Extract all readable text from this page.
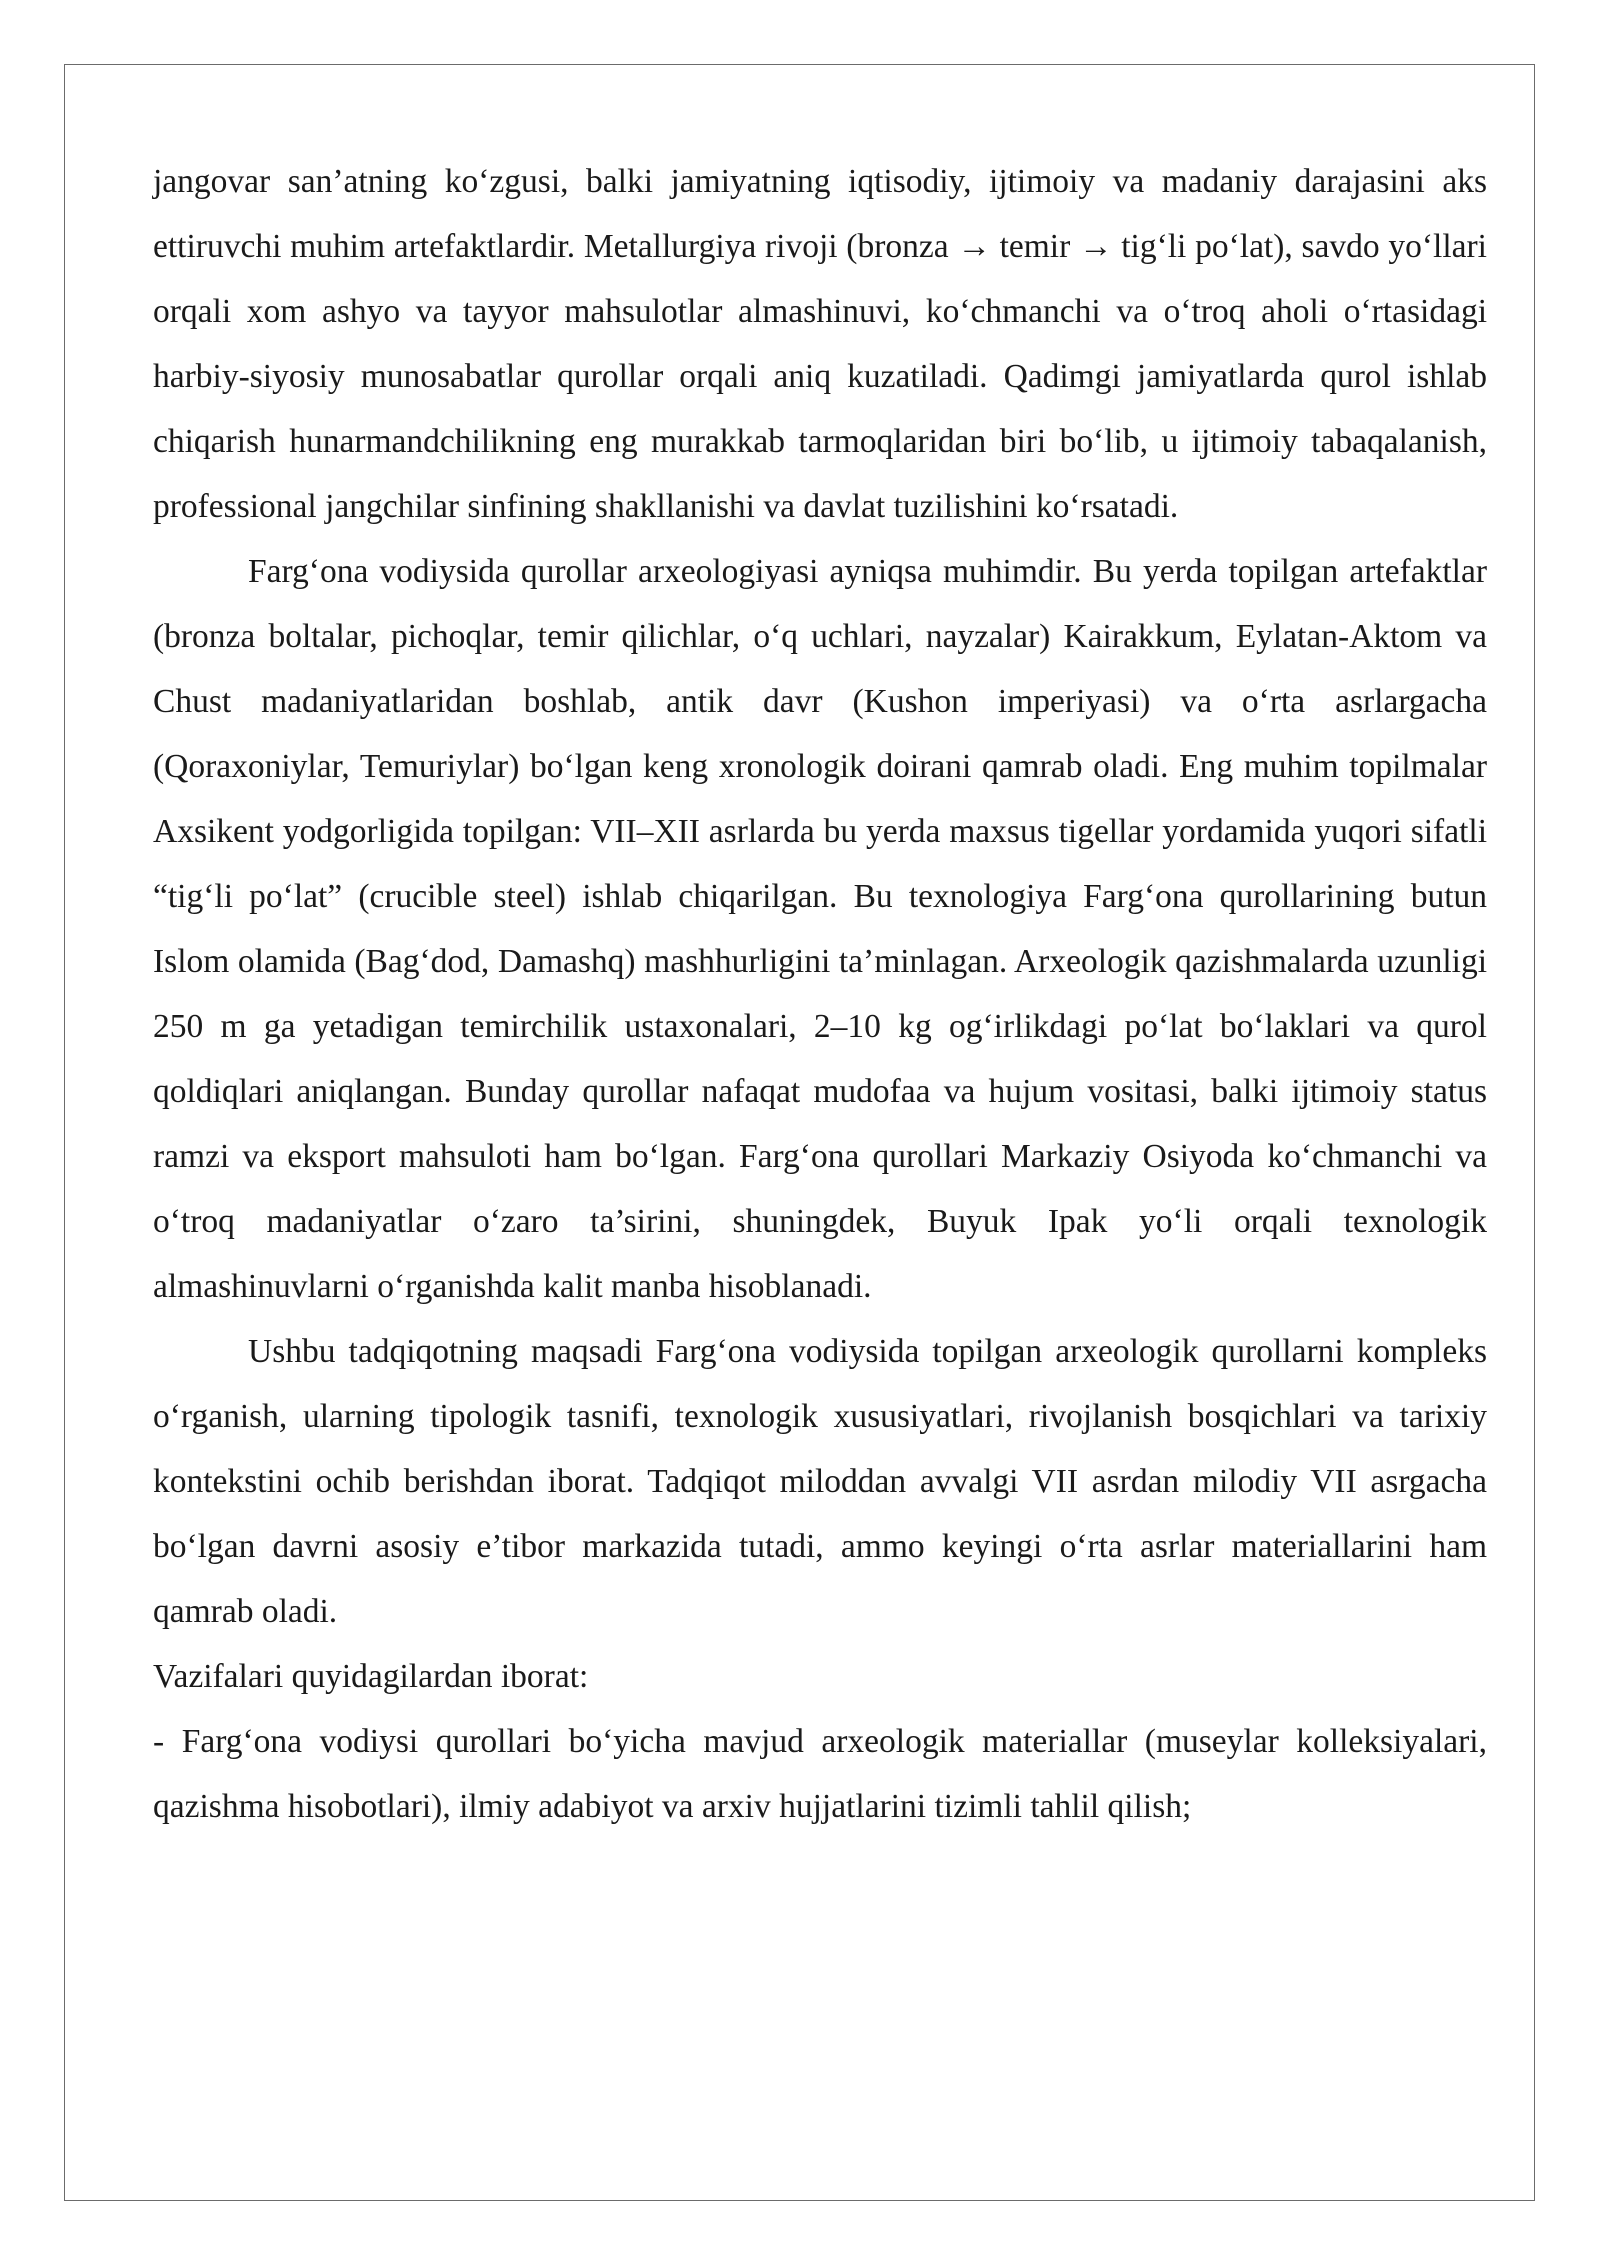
jangovar san’atning ko‘zgusi, balki jamiyatning iqtisodiy, ijtimoiy va madaniy darajasini aks ettiruvchi muhim artefaktlardir. Metallurgiya rivoji (bronza → temir → tig‘li po‘lat), savdo yo‘llari orqali xom ashyo va tayyor mahsulotlar almashinuvi, ko‘chmanchi va o‘troq aholi o‘rtasidagi harbiy-siyosiy munosabatlar qurollar orqali aniq kuzatiladi. Qadimgi jamiyatlarda qurol ishlab chiqarish hunarmandchilikning eng murakkab tarmoqlaridan biri bo‘lib, u ijtimoiy tabaqalanish, professional jangchilar sinfining shakllanishi va davlat tuzilishini ko‘rsatadi.

Farg‘ona vodiysida qurollar arxeologiyasi ayniqsa muhimdir. Bu yerda topilgan artefaktlar (bronza boltalar, pichoqlar, temir qilichlar, o‘q uchlari, nayzalar) Kairakkum, Eylatan-Aktom va Chust madaniyatlaridan boshlab, antik davr (Kushon imperiyasi) va o‘rta asrlargacha (Qoraxoniylar, Temuriylar) bo‘lgan keng xronologik doirani qamrab oladi. Eng muhim topilmalar Axsikent yodgorligida topilgan: VII–XII asrlarda bu yerda maxsus tigellar yordamida yuqori sifatli “tig‘li po‘lat” (crucible steel) ishlab chiqarilgan. Bu texnologiya Farg‘ona qurollarining butun Islom olamida (Bag‘dod, Damashq) mashhurligini ta’minlagan. Arxeologik qazishmalarda uzunligi 250 m ga yetadigan temirchilik ustaxonalari, 2–10 kg og‘irlikdagi po‘lat bo‘laklari va qurol qoldiqlari aniqlangan. Bunday qurollar nafaqat mudofaa va hujum vositasi, balki ijtimoiy status ramzi va eksport mahsuloti ham bo‘lgan. Farg‘ona qurollari Markaziy Osiyoda ko‘chmanchi va o‘troq madaniyatlar o‘zaro ta’sirini, shuningdek, Buyuk Ipak yo‘li orqali texnologik almashinuvlarni o‘rganishda kalit manba hisoblanadi.

Ushbu tadqiqotning maqsadi Farg‘ona vodiysida topilgan arxeologik qurollarni kompleks o‘rganish, ularning tipologik tasnifi, texnologik xususiyatlari, rivojlanish bosqichlari va tarixiy kontekstini ochib berishdan iborat. Tadqiqot miloddan avvalgi VII asrdan milodiy VII asrgacha bo‘lgan davrni asosiy e’tibor markazida tutadi, ammo keyingi o‘rta asrlar materiallarini ham qamrab oladi.

Vazifalari quyidagilardan iborat:

- Farg‘ona vodiysi qurollari bo‘yicha mavjud arxeologik materiallar (museylar kolleksiyalari, qazishma hisobotlari), ilmiy adabiyot va arxiv hujjatlarini tizimli tahlil qilish;
